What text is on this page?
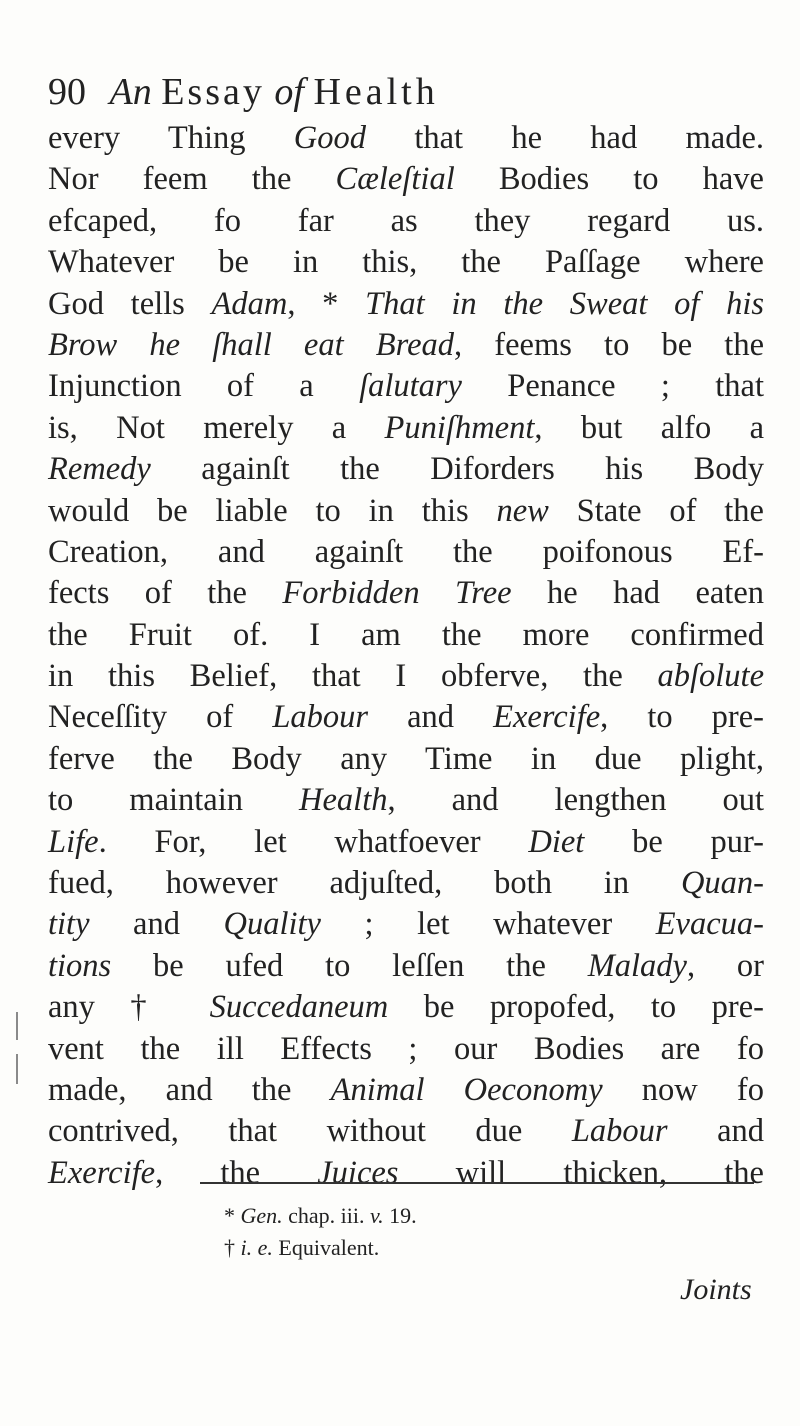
90 An Essay of Health
every Thing Good that he had made.
Nor feem the Cæleſtial Bodies to have
efcaped, fo far as they regard us.
Whatever be in this, the Paſſage where
God tells Adam, * That in the Sweat of his
Brow he ſhall eat Bread, feems to be the
Injunction of a ſalutary Penance ; that
is, Not merely a Puniſhment, but alfo a
Remedy againſt the Diforders his Body
would be liable to in this new State of the
Creation, and againſt the poifonous Ef-
fects of the Forbidden Tree he had eaten
the Fruit of. I am the more confirmed
in this Belief, that I obferve, the abſolute
Neceſſity of Labour and Exercife, to pre-
ferve the Body any Time in due plight,
to maintain Health, and lengthen out
Life. For, let whatfoever Diet be pur-
fued, however adjuſted, both in Quan-
tity and Quality ; let whatever Evacua-
tions be ufed to leſſen the Malady, or
any † Succedaneum be propofed, to pre-
vent the ill Effects ; our Bodies are fo
made, and the Animal Oeconomy now fo
contrived, that without due Labour and
Exercife, the Juices will thicken, the
* Gen. chap. iii. v. 19.
† i. e. Equivalent.
Joints
